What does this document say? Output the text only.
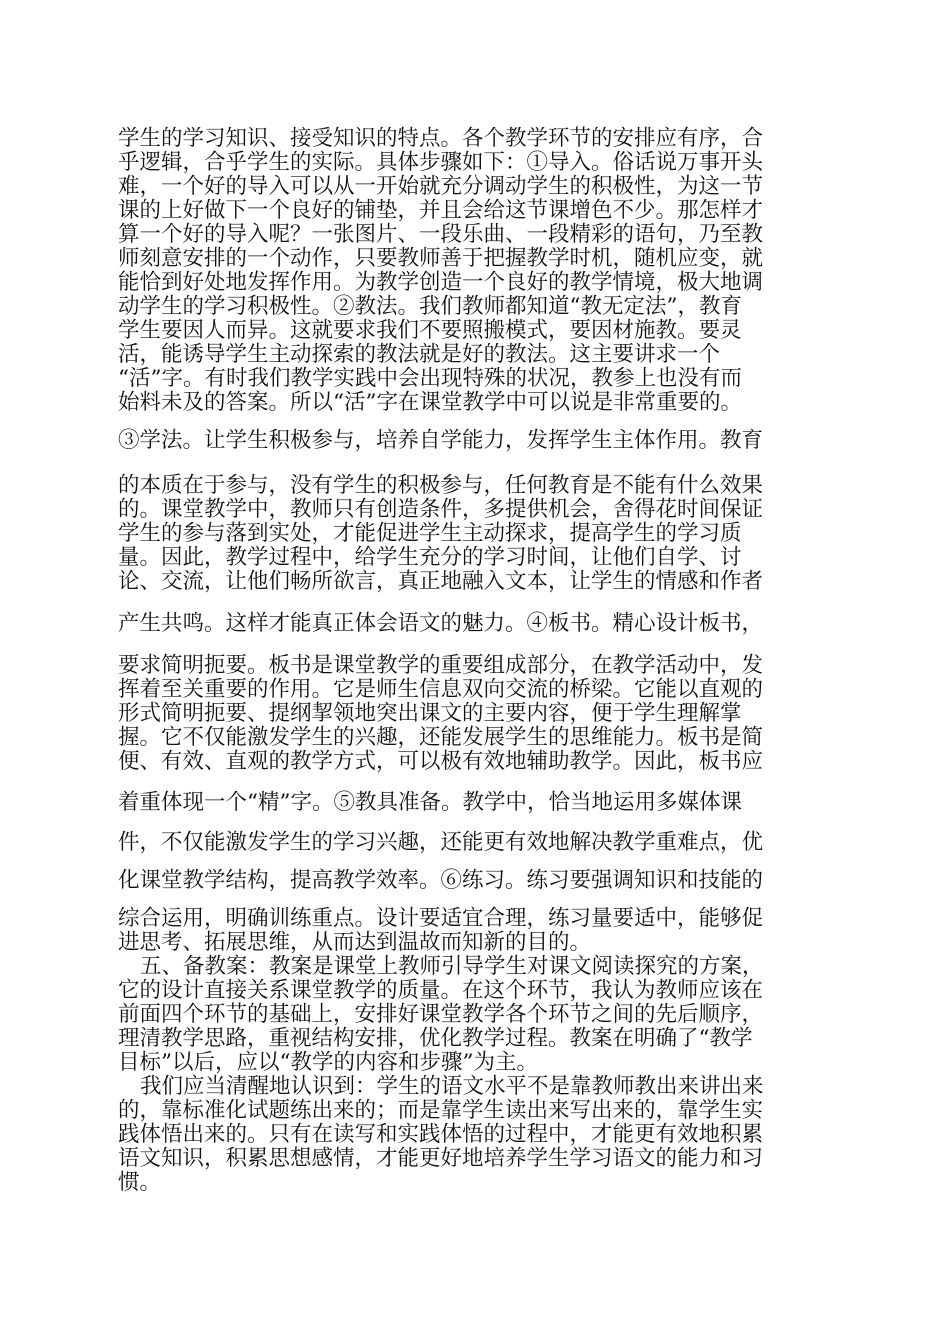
学生的学习知识、接受知识的特点。各个教学环节的安排应有序，合
乎逻辑，合乎学生的实际。具体步骤如下：①导入。俗话说万事开头
难，一个好的导入可以从一开始就充分调动学生的积极性，为这一节
课的上好做下一个良好的铺垫，并且会给这节课增色不少。那怎样才
算一个好的导入呢？一张图片、一段乐曲、一段精彩的语句，乃至教
师刻意安排的一个动作，只要教师善于把握教学时机，随机应变，就
能恰到好处地发挥作用。为教学创造一个良好的教学情境，极大地调
动学生的学习积极性。②教法。我们教师都知道“教无定法”，教育
学生要因人而异。这就要求我们不要照搬模式，要因材施教。要灵
活，能诱导学生主动探索的教法就是好的教法。这主要讲求一个
“活”字。有时我们教学实践中会出现特殊的状况，教参上也没有而
始料未及的答案。所以“活”字在课堂教学中可以说是非常重要的。
③学法。让学生积极参与，培养自学能力，发挥学生主体作用。教育
的本质在于参与，没有学生的积极参与，任何教育是不能有什么效果
的。课堂教学中，教师只有创造条件，多提供机会，舍得花时间保证
学生的参与落到实处，才能促进学生主动探求，提高学生的学习质
量。因此，教学过程中，给学生充分的学习时间，让他们自学、讨
论、交流，让他们畅所欲言，真正地融入文本，让学生的情感和作者
产生共鸣。这样才能真正体会语文的魅力。④板书。精心设计板书，
要求简明扼要。板书是课堂教学的重要组成部分，在教学活动中，发
挥着至关重要的作用。它是师生信息双向交流的桥梁。它能以直观的
形式简明扼要、提纲挈领地突出课文的主要内容，便于学生理解掌
握。它不仅能激发学生的兴趣，还能发展学生的思维能力。板书是简
便、有效、直观的教学方式，可以极有效地辅助教学。因此，板书应
着重体现一个“精”字。⑤教具准备。教学中，恰当地运用多媒体课
件，不仅能激发学生的学习兴趣，还能更有效地解决教学重难点，优
化课堂教学结构，提高教学效率。⑥练习。练习要强调知识和技能的
综合运用，明确训练重点。设计要适宜合理，练习量要适中，能够促
进思考、拓展思维，从而达到温故而知新的目的。
五、备教案：教案是课堂上教师引导学生对课文阅读探究的方案，
它的设计直接关系课堂教学的质量。在这个环节，我认为教师应该在
前面四个环节的基础上，安排好课堂教学各个环节之间的先后顺序，
理清教学思路，重视结构安排，优化教学过程。教案在明确了“教学
目标”以后，应以“教学的内容和步骤”为主。
我们应当清醒地认识到：学生的语文水平不是靠教师教出来讲出来
的，靠标准化试题练出来的；而是靠学生读出来写出来的，靠学生实
践体悟出来的。只有在读写和实践体悟的过程中，才能更有效地积累
语文知识，积累思想感情，才能更好地培养学生学习语文的能力和习
惯。
